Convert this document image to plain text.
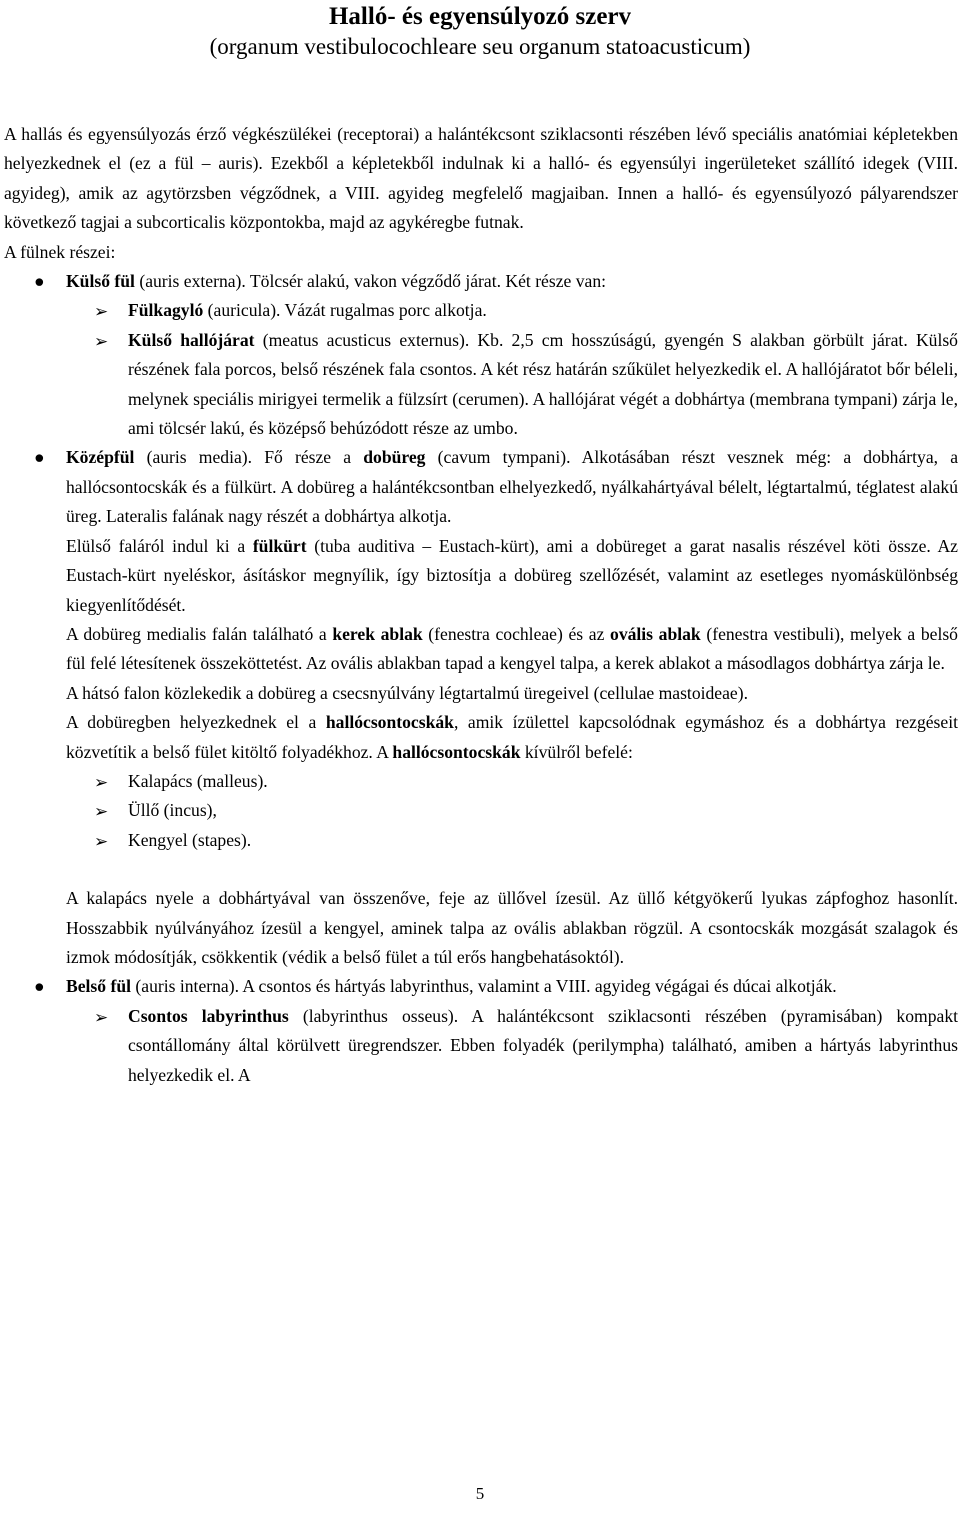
Halló- és egyensúlyozó szerv

(organum vestibulocochleare seu organum statoacusticum)

A hallás és egyensúlyozás érző végkészülékei (receptorai) a halántékcsont sziklacsonti részében lévő speciális anatómiai képletekben helyezkednek el (ez a fül – auris). Ezekből a képletekből indulnak ki a halló- és egyensúlyi ingerületeket szállító idegek (VIII. agyideg), amik az agytörzsben végződnek, a VIII. agyideg megfelelő magjaiban. Innen a halló- és egyensúlyozó pályarendszer következő tagjai a subcorticalis központokba, majd az agykéregbe futnak.

A fülnek részei:

● Külső fül (auris externa). Tölcsér alakú, vakon végződő járat. Két része van:
➢ Fülkagyló (auricula). Vázát rugalmas porc alkotja.
➢ Külső hallójárat (meatus acusticus externus). Kb. 2,5 cm hosszúságú, gyengén S alakban görbült járat. Külső részének fala porcos, belső részének fala csontos. A két rész határán szűkület helyezkedik el. A hallójáratot bőr béleli, melynek speciális mirigyei termelik a fülzsírt (cerumen). A hallójárat végét a dobhártya (membrana tympani) zárja le, ami tölcsér lakú, és középső behúzódott része az umbo.
● Középfül (auris media). Fő része a dobüreg (cavum tympani). Alkotásában részt vesznek még: a dobhártya, a hallócsontocskák és a fülkürt. A dobüreg a halántékcsontban elhelyezkedő, nyálkahártyával bélelt, légtartalmú, téglatest alakú üreg. Lateralis falának nagy részét a dobhártya alkotja.

Elülső faláról indul ki a fülkürt (tuba auditiva – Eustach-kürt), ami a dobüreget a garat nasalis részével köti össze. Az Eustach-kürt nyeléskor, ásításkor megnyílik, így biztosítja a dobüreg szellőzését, valamint az esetleges nyomáskülönbség kiegyenlítődését.

A dobüreg medialis falán található a kerek ablak (fenestra cochleae) és az ovális ablak (fenestra vestibuli), melyek a belső fül felé létesítenek összeköttetést. Az ovális ablakban tapad a kengyel talpa, a kerek ablakot a másodlagos dobhártya zárja le.

A hátsó falon közlekedik a dobüreg a csecsnyúlvány légtartalmú üregeivel (cellulae mastoideae).

A dobüregben helyezkednek el a hallócsontocskák, amik ízülettel kapcsolódnak egymáshoz és a dobhártya rezgéseit közvetítik a belső fület kitöltő folyadékhoz. A hallócsontocskák kívülről befelé:

➢ Kalapács (malleus).
➢ Üllő (incus),
➢ Kengyel (stapes).

A kalapács nyele a dobhártyával van összenővе, feje az üllővel ízesül. Az üllő kétgyökerű lyukas zápfoghoz hasonlít. Hosszabbik nyúlványához ízesül a kengyel, aminek talpa az ovális ablakban rögzül. A csontocskák mozgását szalagok és izmok módosítják, csökkentik (védik a belső fület a túl erős hangbehatásoktól).

● Belső fül (auris interna). A csontos és hártyás labyrinthus, valamint a VIII. agyideg végágai és dúcai alkotják.
➢ Csontos labyrinthus (labyrinthus osseus). A halántékcsont sziklacsonti részében (pyramisában) kompakt csontállomány által körülvett üregrendszer. Ebben folyadék (perilympha) található, amiben a hártyás labyrinthus helyezkedik el. A
5
